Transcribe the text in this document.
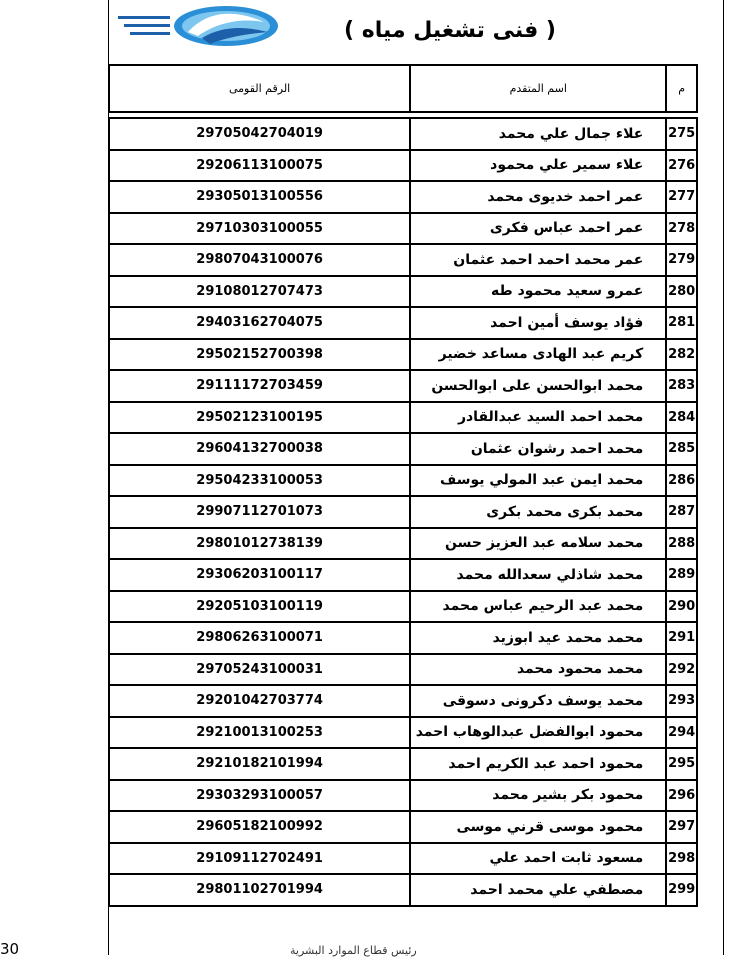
( فنى تشغيل مياه )
م	اسم المتقدم	الرقم القومى

275	علاء جمال علي محمد	29705042704019
276	علاء سمير علي محمود	29206113100075
277	عمر احمد خديوى محمد	29305013100556
278	عمر احمد عباس فكرى	29710303100055
279	عمر محمد احمد احمد عثمان	29807043100076
280	عمرو سعيد محمود طه	29108012707473
281	فؤاد يوسف أمين احمد	29403162704075
282	كريم عبد الهادى مساعد خضير	29502152700398
283	محمد ابوالحسن على ابوالحسن	29111172703459
284	محمد احمد السيد عبدالقادر	29502123100195
285	محمد احمد رشوان عثمان	29604132700038
286	محمد ايمن عبد المولي يوسف	29504233100053
287	محمد بكرى محمد بكرى	29907112701073
288	محمد سلامه عبد العزيز حسن	29801012738139
289	محمد شاذلي سعدالله محمد	29306203100117
290	محمد عبد الرحيم عباس محمد	29205103100119
291	محمد محمد عيد ابوزيد	29806263100071
292	محمد محمود محمد	29705243100031
293	محمد يوسف دكرونى دسوقى	29201042703774
294	محمود ابوالفضل عبدالوهاب احمد	29210013100253
295	محمود احمد عبد الكريم احمد	29210182101994
296	محمود بكر بشير محمد	29303293100057
297	محمود موسى قرني موسى	29605182100992
298	مسعود ثابت احمد علي	29109112702491
299	مصطفي علي محمد احمد	29801102701994
30	رئيس قطاع الموارد البشرية
